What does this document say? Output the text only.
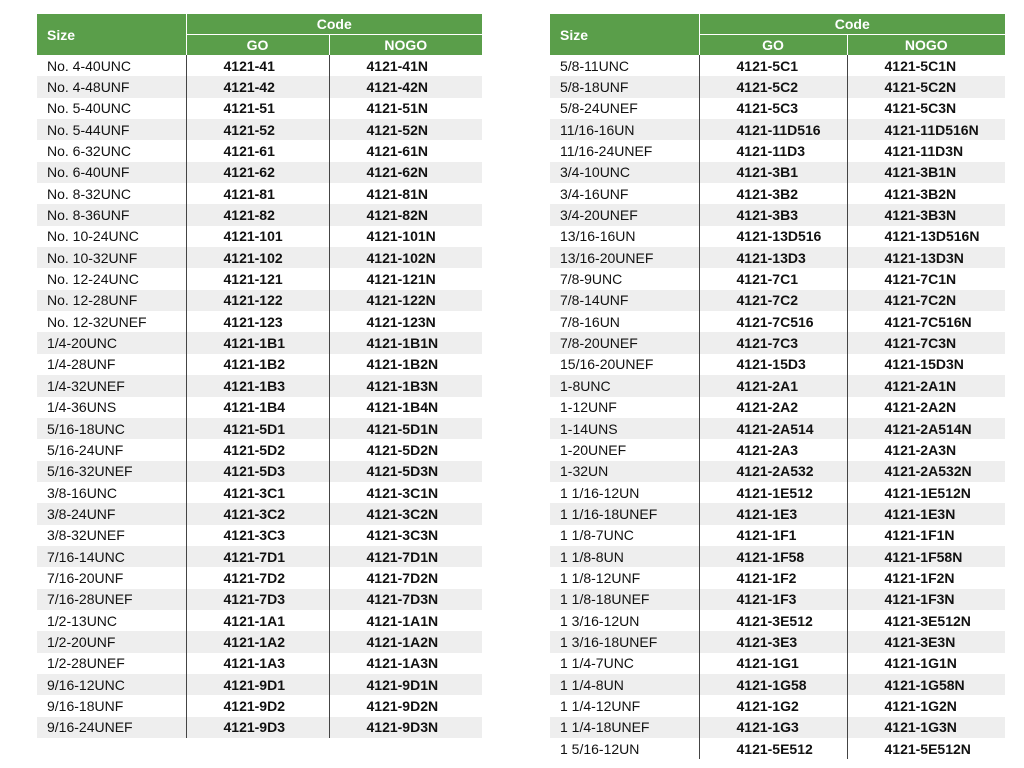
Size	Code	
	GO	NOGO
No. 4-40UNC	4121-41	4121-41N
No. 4-48UNF	4121-42	4121-42N
No. 5-40UNC	4121-51	4121-51N
No. 5-44UNF	4121-52	4121-52N
No. 6-32UNC	4121-61	4121-61N
No. 6-40UNF	4121-62	4121-62N
No. 8-32UNC	4121-81	4121-81N
No. 8-36UNF	4121-82	4121-82N
No. 10-24UNC	4121-101	4121-101N
No. 10-32UNF	4121-102	4121-102N
No. 12-24UNC	4121-121	4121-121N
No. 12-28UNF	4121-122	4121-122N
No. 12-32UNEF	4121-123	4121-123N
1/4-20UNC	4121-1B1	4121-1B1N
1/4-28UNF	4121-1B2	4121-1B2N
1/4-32UNEF	4121-1B3	4121-1B3N
1/4-36UNS	4121-1B4	4121-1B4N
5/16-18UNC	4121-5D1	4121-5D1N
5/16-24UNF	4121-5D2	4121-5D2N
5/16-32UNEF	4121-5D3	4121-5D3N
3/8-16UNC	4121-3C1	4121-3C1N
3/8-24UNF	4121-3C2	4121-3C2N
3/8-32UNEF	4121-3C3	4121-3C3N
7/16-14UNC	4121-7D1	4121-7D1N
7/16-20UNF	4121-7D2	4121-7D2N
7/16-28UNEF	4121-7D3	4121-7D3N
1/2-13UNC	4121-1A1	4121-1A1N
1/2-20UNF	4121-1A2	4121-1A2N
1/2-28UNEF	4121-1A3	4121-1A3N
9/16-12UNC	4121-9D1	4121-9D1N
9/16-18UNF	4121-9D2	4121-9D2N
9/16-24UNEF	4121-9D3	4121-9D3N
Size	Code	
	GO	NOGO
5/8-11UNC	4121-5C1	4121-5C1N
5/8-18UNF	4121-5C2	4121-5C2N
5/8-24UNEF	4121-5C3	4121-5C3N
11/16-16UN	4121-11D516	4121-11D516N
11/16-24UNEF	4121-11D3	4121-11D3N
3/4-10UNC	4121-3B1	4121-3B1N
3/4-16UNF	4121-3B2	4121-3B2N
3/4-20UNEF	4121-3B3	4121-3B3N
13/16-16UN	4121-13D516	4121-13D516N
13/16-20UNEF	4121-13D3	4121-13D3N
7/8-9UNC	4121-7C1	4121-7C1N
7/8-14UNF	4121-7C2	4121-7C2N
7/8-16UN	4121-7C516	4121-7C516N
7/8-20UNEF	4121-7C3	4121-7C3N
15/16-20UNEF	4121-15D3	4121-15D3N
1-8UNC	4121-2A1	4121-2A1N
1-12UNF	4121-2A2	4121-2A2N
1-14UNS	4121-2A514	4121-2A514N
1-20UNEF	4121-2A3	4121-2A3N
1-32UN	4121-2A532	4121-2A532N
1 1/16-12UN	4121-1E512	4121-1E512N
1 1/16-18UNEF	4121-1E3	4121-1E3N
1 1/8-7UNC	4121-1F1	4121-1F1N
1 1/8-8UN	4121-1F58	4121-1F58N
1 1/8-12UNF	4121-1F2	4121-1F2N
1 1/8-18UNEF	4121-1F3	4121-1F3N
1 3/16-12UN	4121-3E512	4121-3E512N
1 3/16-18UNEF	4121-3E3	4121-3E3N
1 1/4-7UNC	4121-1G1	4121-1G1N
1 1/4-8UN	4121-1G58	4121-1G58N
1 1/4-12UNF	4121-1G2	4121-1G2N
1 1/4-18UNEF	4121-1G3	4121-1G3N
1 5/16-12UN	4121-5E512	4121-5E512N
